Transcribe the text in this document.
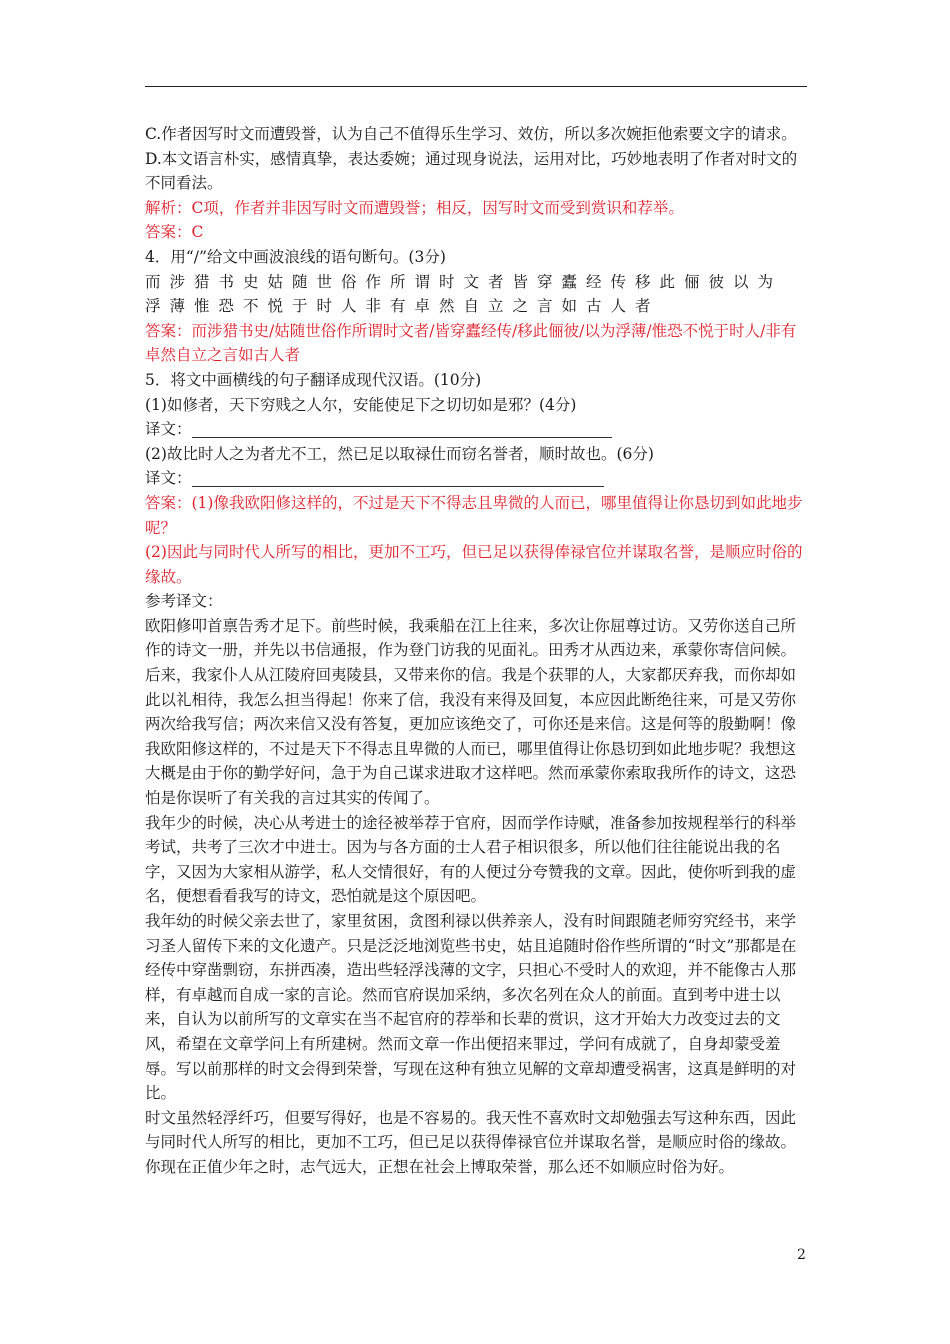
C.作者因写时文而遭毁誉，认为自己不值得乐生学习、效仿，所以多次婉拒他索要文字的请求。

D.本文语言朴实，感情真挚，表达委婉；通过现身说法，运用对比，巧妙地表明了作者对时文的不同看法。

解析：C项，作者并非因写时文而遭毁誉；相反，因写时文而受到赏识和荐举。

答案：C

4．用“/”给文中画波浪线的语句断句。(3分)

而涉猎书史姑随世俗作所谓时文者皆穿蠹经传移此俪彼以为

浮薄惟恐不悦于时人非有卓然自立之言如古人者

答案：而涉猎书史/姑随世俗作所谓时文者/皆穿蠹经传/移此俪彼/以为浮薄/惟恐不悦于时人/非有卓然自立之言如古人者

5．将文中画横线的句子翻译成现代汉语。(10分)

(1)如修者，天下穷贱之人尔，安能使足下之切切如是邪？(4分)

译文：

(2)故比时人之为者尤不工，然已足以取禄仕而窃名誉者，顺时故也。(6分)

译文：

答案：(1)像我欧阳修这样的，不过是天下不得志且卑微的人而已，哪里值得让你恳切到如此地步呢？

(2)因此与同时代人所写的相比，更加不工巧，但已足以获得俸禄官位并谋取名誉，是顺应时俗的缘故。

参考译文：

欧阳修叩首禀告秀才足下。前些时候，我乘船在江上往来，多次让你屈尊过访。又劳你送自己所作的诗文一册，并先以书信通报，作为登门访我的见面礼。田秀才从西边来，承蒙你寄信问候。后来，我家仆人从江陵府回夷陵县，又带来你的信。我是个获罪的人，大家都厌弃我，而你却如此以礼相待，我怎么担当得起！你来了信，我没有来得及回复，本应因此断绝往来，可是又劳你两次给我写信；两次来信又没有答复，更加应该绝交了，可你还是来信。这是何等的殷勤啊！像我欧阳修这样的，不过是天下不得志且卑微的人而已，哪里值得让你恳切到如此地步呢？我想这大概是由于你的勤学好问，急于为自己谋求进取才这样吧。然而承蒙你索取我所作的诗文，这恐怕是你误听了有关我的言过其实的传闻了。

我年少的时候，决心从考进士的途径被举荐于官府，因而学作诗赋，准备参加按规程举行的科举考试，共考了三次才中进士。因为与各方面的士人君子相识很多，所以他们往往能说出我的名字，又因为大家相从游学，私人交情很好，有的人便过分夸赞我的文章。因此，使你听到我的虚名，便想看看我写的诗文，恐怕就是这个原因吧。

我年幼的时候父亲去世了，家里贫困，贪图利禄以供养亲人，没有时间跟随老师穷究经书，来学习圣人留传下来的文化遗产。只是泛泛地浏览些书史，姑且追随时俗作些所谓的“时文”那都是在经传中穿凿剽窃，东拼西凑，造出些轻浮浅薄的文字，只担心不受时人的欢迎，并不能像古人那样，有卓越而自成一家的言论。然而官府误加采纳，多次名列在众人的前面。直到考中进士以来，自认为以前所写的文章实在当不起官府的荐举和长辈的赏识，这才开始大力改变过去的文风，希望在文章学问上有所建树。然而文章一作出便招来罪过，学问有成就了，自身却蒙受羞辱。写以前那样的时文会得到荣誉，写现在这种有独立见解的文章却遭受祸害，这真是鲜明的对比。

时文虽然轻浮纤巧，但要写得好，也是不容易的。我天性不喜欢时文却勉强去写这种东西，因此与同时代人所写的相比，更加不工巧，但已足以获得俸禄官位并谋取名誉，是顺应时俗的缘故。你现在正值少年之时，志气远大，正想在社会上博取荣誉，那么还不如顺应时俗为好。

2
